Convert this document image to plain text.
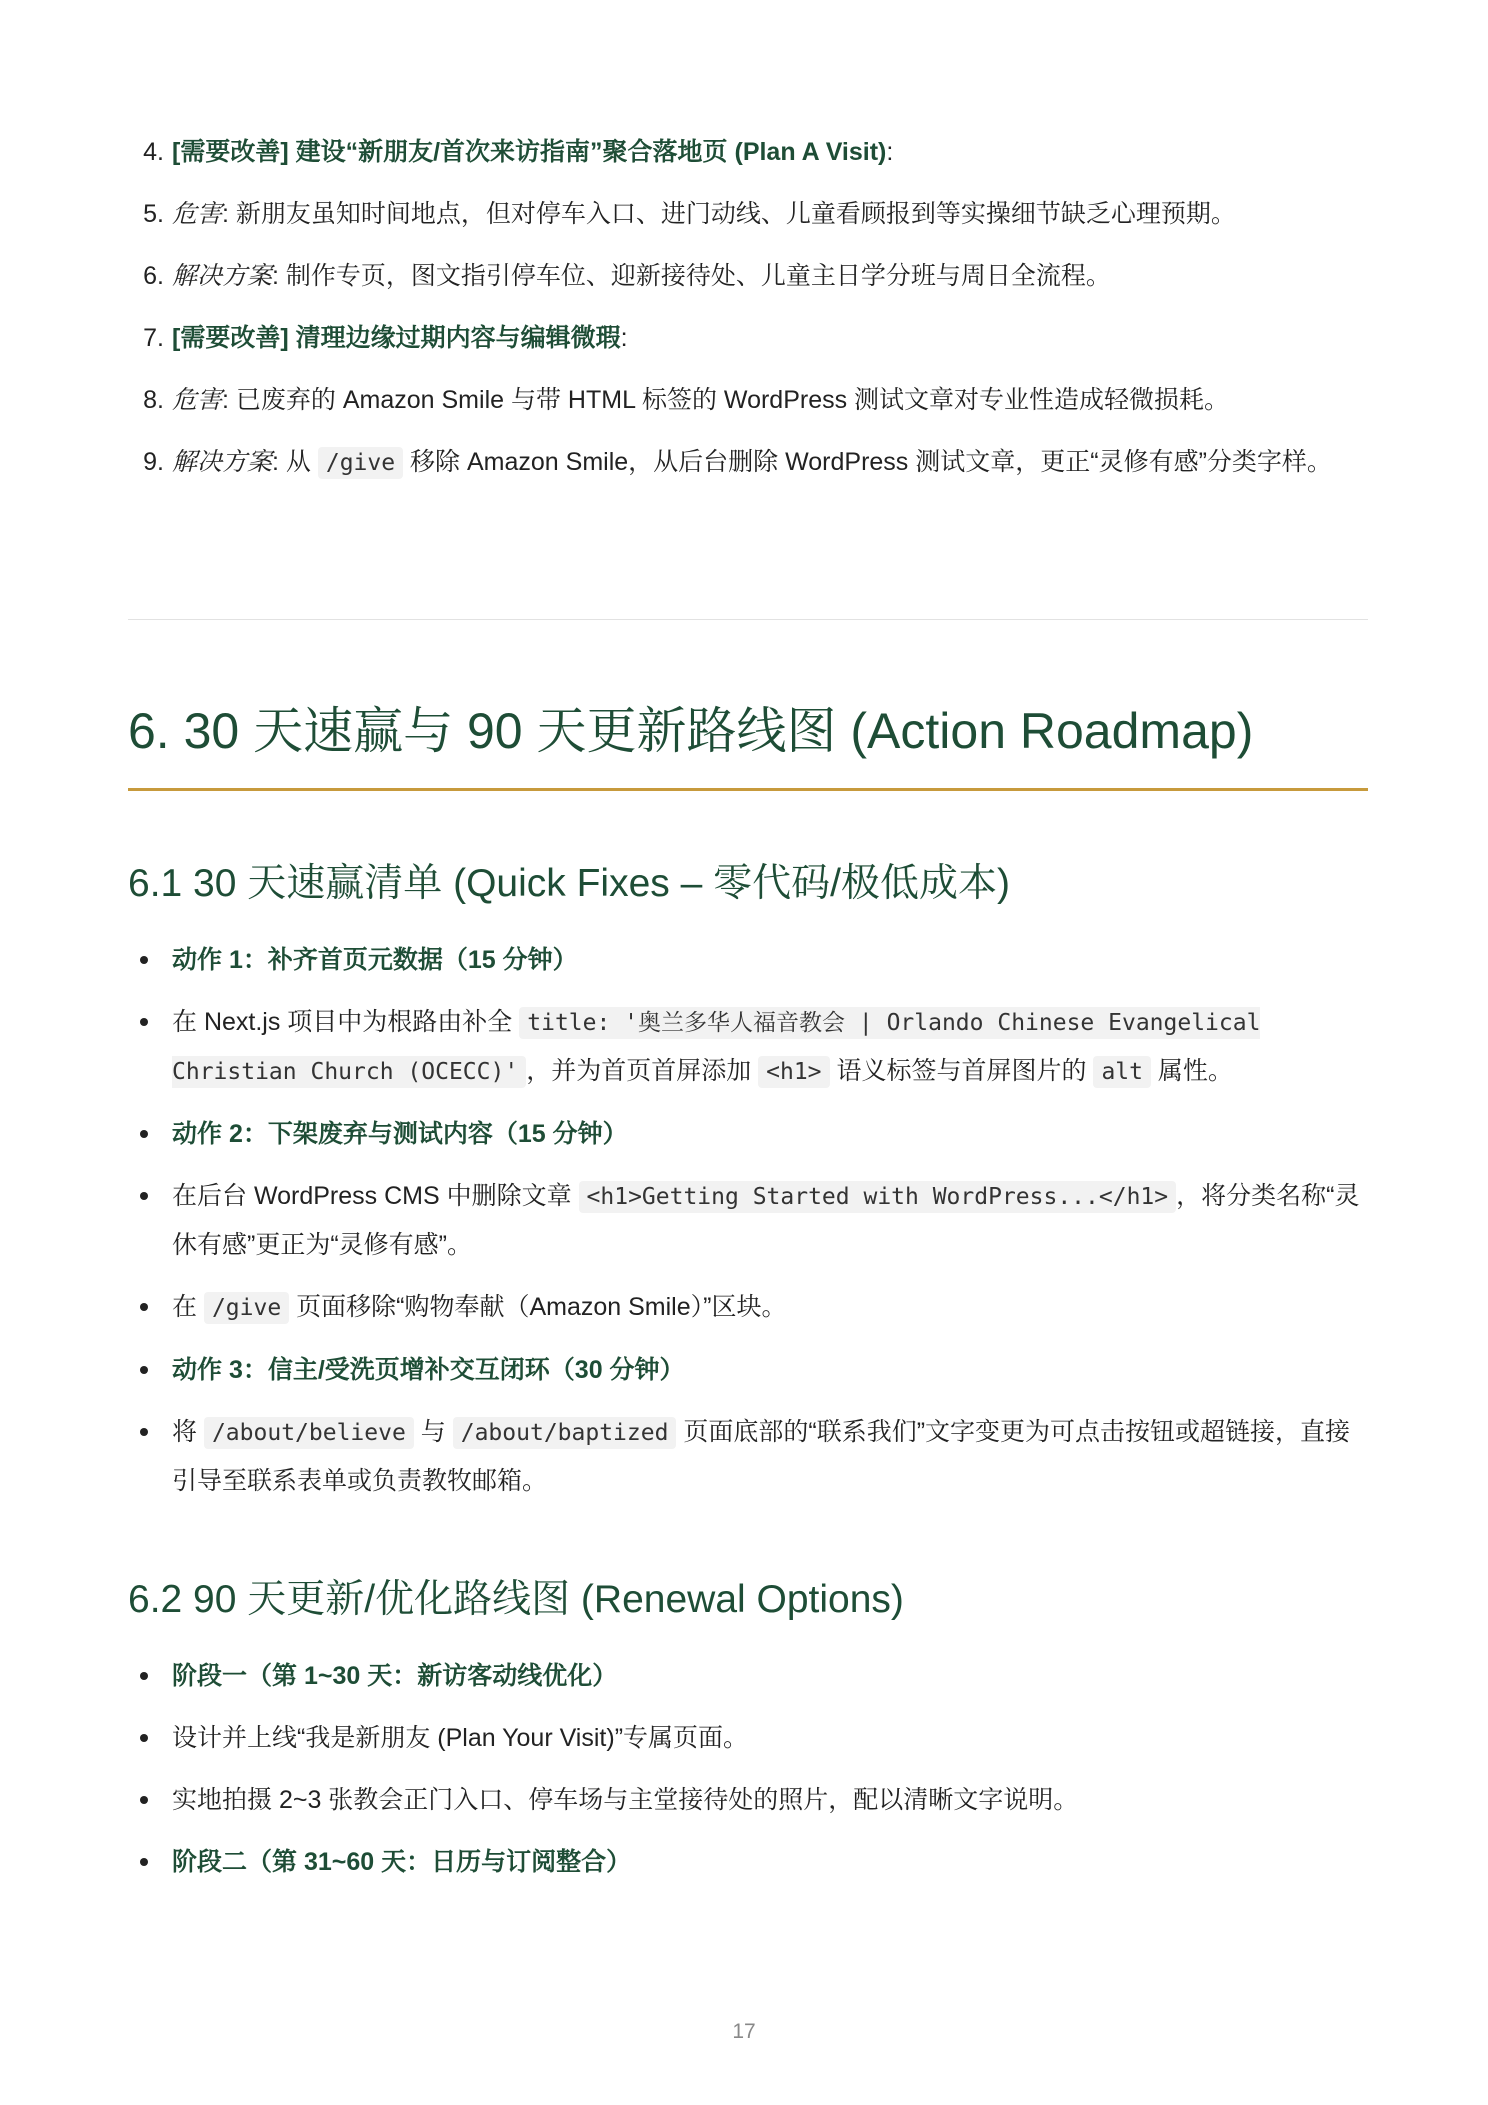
4. [需要改善] 建设“新朋友/首次来访指南”聚合落地页 (Plan A Visit):
5. 危害: 新朋友虽知时间地点，但对停车入口、进门动线、儿童看顾报到等实操细节缺乏心理预期。
6. 解决方案: 制作专页，图文指引停车位、迎新接待处、儿童主日学分班与周日全流程。
7. [需要改善] 清理边缘过期内容与编辑微瑕:
8. 危害: 已废弃的 Amazon Smile 与带 HTML 标签的 WordPress 测试文章对专业性造成轻微损耗。
9. 解决方案: 从 /give 移除 Amazon Smile，从后台删除 WordPress 测试文章，更正“灵修有感”分类字样。
6. 30 天速赢与 90 天更新路线图 (Action Roadmap)
6.1 30 天速赢清单 (Quick Fixes – 零代码/极低成本)
动作 1：补齐首页元数据（15 分钟）
在 Next.js 项目中为根路由补全 title: '奥兰多华人福音教会 | Orlando Chinese Evangelical Christian Church (OCECC)' ，并为首页首屏添加 <h1> 语义标签与首屏图片的 alt 属性。
动作 2：下架废弃与测试内容（15 分钟）
在后台 WordPress CMS 中删除文章 <h1>Getting Started with WordPress...</h1> ，将分类名称“灵休有感”更正为“灵修有感”。
在 /give 页面移除“购物奉献（Amazon Smile）”区块。
动作 3：信主/受洗页增补交互闭环（30 分钟）
将 /about/believe 与 /about/baptized 页面底部的“联系我们”文字变更为可点击按钮或超链接，直接引导至联系表单或负责教牧邮箱。
6.2 90 天更新/优化路线图 (Renewal Options)
阶段一（第 1~30 天：新访客动线优化）
设计并上线“我是新朋友 (Plan Your Visit)”专属页面。
实地拍摄 2~3 张教会正门入口、停车场与主堂接待处的照片，配以清晰文字说明。
阶段二（第 31~60 天：日历与订阅整合）
17
